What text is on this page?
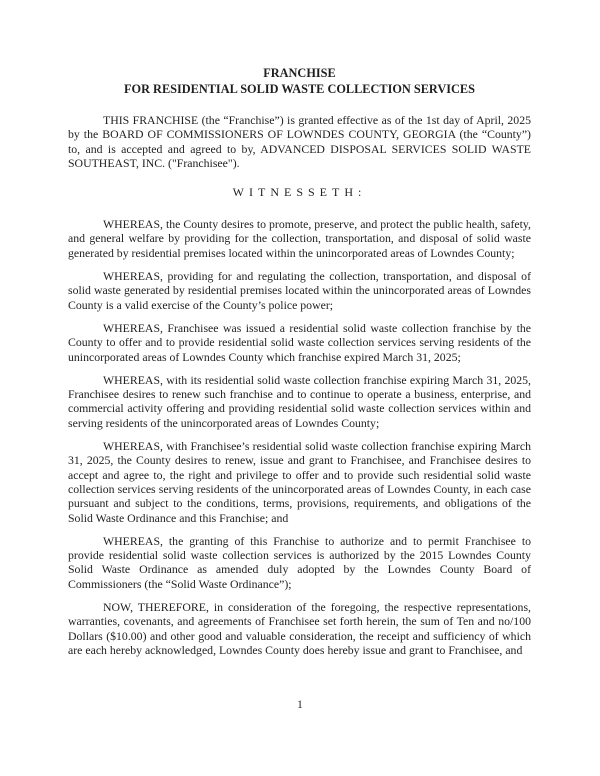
FRANCHISE
FOR RESIDENTIAL SOLID WASTE COLLECTION SERVICES

THIS FRANCHISE (the “Franchise”) is granted effective as of the 1st day of April, 2025 by the BOARD OF COMMISSIONERS OF LOWNDES COUNTY, GEORGIA (the “County”) to, and is accepted and agreed to by, ADVANCED DISPOSAL SERVICES SOLID WASTE SOUTHEAST, INC. ("Franchisee").

WITNESSETH:

WHEREAS, the County desires to promote, preserve, and protect the public health, safety, and general welfare by providing for the collection, transportation, and disposal of solid waste generated by residential premises located within the unincorporated areas of Lowndes County;

WHEREAS, providing for and regulating the collection, transportation, and disposal of solid waste generated by residential premises located within the unincorporated areas of Lowndes County is a valid exercise of the County’s police power;

WHEREAS, Franchisee was issued a residential solid waste collection franchise by the County to offer and to provide residential solid waste collection services serving residents of the unincorporated areas of Lowndes County which franchise expired March 31, 2025;

WHEREAS, with its residential solid waste collection franchise expiring March 31, 2025, Franchisee desires to renew such franchise and to continue to operate a business, enterprise, and commercial activity offering and providing residential solid waste collection services within and serving residents of the unincorporated areas of Lowndes County;

WHEREAS, with Franchisee’s residential solid waste collection franchise expiring March 31, 2025, the County desires to renew, issue and grant to Franchisee, and Franchisee desires to accept and agree to, the right and privilege to offer and to provide such residential solid waste collection services serving residents of the unincorporated areas of Lowndes County, in each case pursuant and subject to the conditions, terms, provisions, requirements, and obligations of the Solid Waste Ordinance and this Franchise; and

WHEREAS, the granting of this Franchise to authorize and to permit Franchisee to provide residential solid waste collection services is authorized by the 2015 Lowndes County Solid Waste Ordinance as amended duly adopted by the Lowndes County Board of Commissioners (the “Solid Waste Ordinance”);

NOW, THEREFORE, in consideration of the foregoing, the respective representations, warranties, covenants, and agreements of Franchisee set forth herein, the sum of Ten and no/100 Dollars ($10.00) and other good and valuable consideration, the receipt and sufficiency of which are each hereby acknowledged, Lowndes County does hereby issue and grant to Franchisee, and

1
